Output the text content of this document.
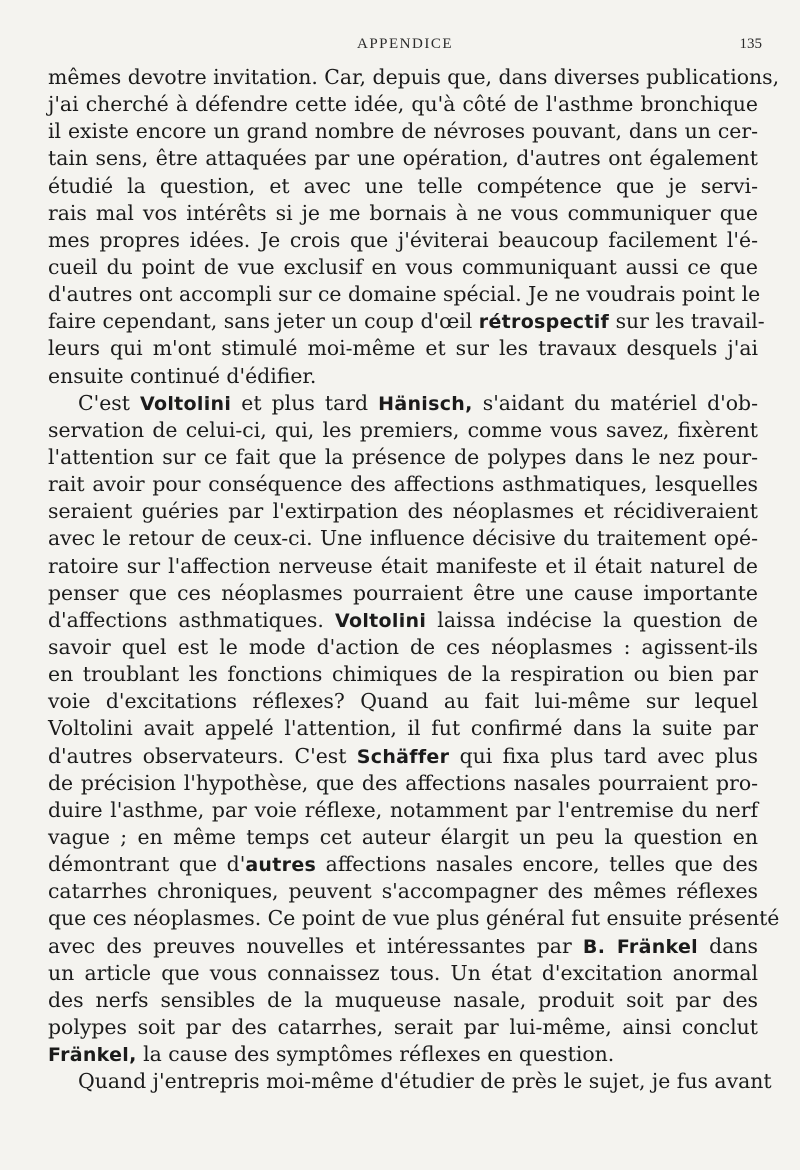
APPENDICE	135
mêmes devotre invitation. Car, depuis que, dans diverses publications,
j'ai cherché à défendre cette idée, qu'à côté de l'asthme bronchique
il existe encore un grand nombre de névroses pouvant, dans un cer-
tain sens, être attaquées par une opération, d'autres ont également
étudié la question, et avec une telle compétence que je servi-
rais mal vos intérêts si je me bornais à ne vous communiquer que
mes propres idées. Je crois que j'éviterai beaucoup facilement l'é-
cueil du point de vue exclusif en vous communiquant aussi ce que
d'autres ont accompli sur ce domaine spécial. Je ne voudrais point le
faire cependant, sans jeter un coup d'œil rétrospectif sur les travail-
leurs qui m'ont stimulé moi-même et sur les travaux desquels j'ai
ensuite continué d'édifier.
C'est Voltolini et plus tard Hänisch, s'aidant du matériel d'ob-
servation de celui-ci, qui, les premiers, comme vous savez, fixèrent
l'attention sur ce fait que la présence de polypes dans le nez pour-
rait avoir pour conséquence des affections asthmatiques, lesquelles
seraient guéries par l'extirpation des néoplasmes et récidiveraient
avec le retour de ceux-ci. Une influence décisive du traitement opé-
ratoire sur l'affection nerveuse était manifeste et il était naturel de
penser que ces néoplasmes pourraient être une cause importante
d'affections asthmatiques. Voltolini laissa indécise la question de
savoir quel est le mode d'action de ces néoplasmes : agissent-ils
en troublant les fonctions chimiques de la respiration ou bien par
voie d'excitations réflexes? Quand au fait lui-même sur lequel
Voltolini avait appelé l'attention, il fut confirmé dans la suite par
d'autres observateurs. C'est Schäffer qui fixa plus tard avec plus
de précision l'hypothèse, que des affections nasales pourraient pro-
duire l'asthme, par voie réflexe, notamment par l'entremise du nerf
vague ; en même temps cet auteur élargit un peu la question en
démontrant que d'autres affections nasales encore, telles que des
catarrhes chroniques, peuvent s'accompagner des mêmes réflexes
que ces néoplasmes. Ce point de vue plus général fut ensuite présenté
avec des preuves nouvelles et intéressantes par B. Fränkel dans
un article que vous connaissez tous. Un état d'excitation anormal
des nerfs sensibles de la muqueuse nasale, produit soit par des
polypes soit par des catarrhes, serait par lui-même, ainsi conclut
Fränkel, la cause des symptômes réflexes en question.
Quand j'entrepris moi-même d'étudier de près le sujet, je fus avant
